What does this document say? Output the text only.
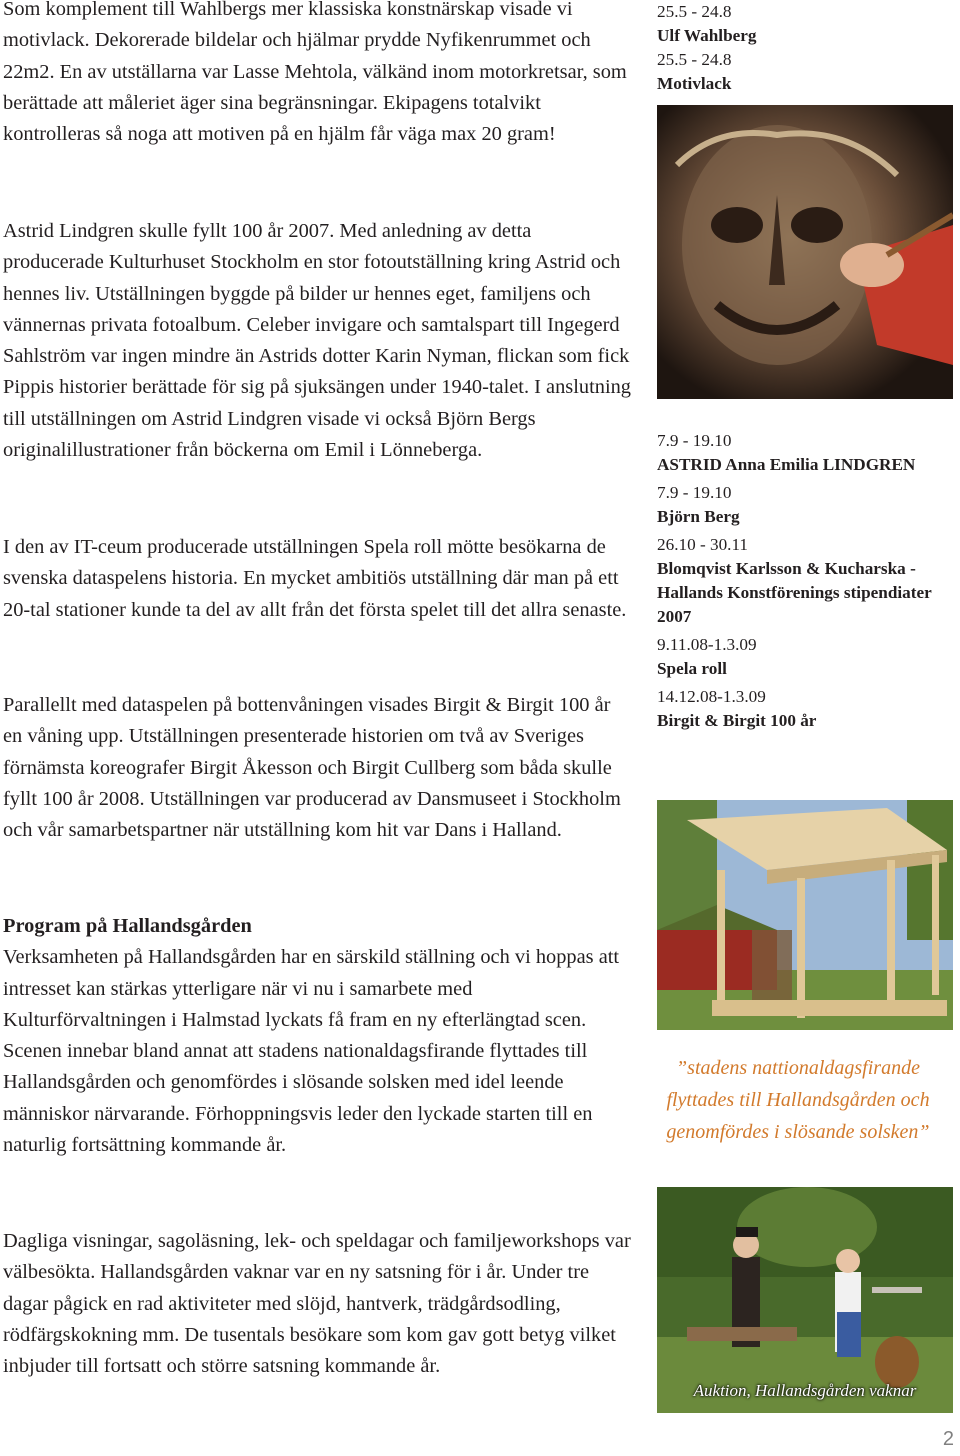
Som komplement till Wahlbergs mer klassiska konstnärskap visade vi motivlack. Dekorerade bildelar och hjälmar prydde Nyfikenrummet och 22m2. En av utställarna var Lasse Mehtola, välkänd inom motorkretsar, som berättade att måleriet äger sina begränsningar. Ekipagens totalvikt kontrolleras så noga att motiven på en hjälm får väga max 20 gram!

Astrid Lindgren skulle fyllt 100 år 2007. Med anledning av detta producerade Kulturhuset Stockholm en stor fotoutställning kring Astrid och hennes liv. Utställningen byggde på bilder ur hennes eget, familjens och vännernas privata fotoalbum. Celeber invigare och samtalspart till Ingegerd Sahlström var ingen mindre än Astrids dotter Karin Nyman, flickan som fick Pippis historier berättade för sig på sjuksängen under 1940-talet. I anslutning till utställningen om Astrid Lindgren visade vi också Björn Bergs originalillustrationer från böckerna om Emil i Lönneberga.

I den av IT-ceum producerade utställningen Spela roll mötte besökarna de svenska dataspelens historia. En mycket ambitiös utställning där man på ett 20-tal stationer kunde ta del av allt från det första spelet till det allra senaste.

Parallellt med dataspelen på bottenvåningen visades Birgit & Birgit 100 år en våning upp. Utställningen presenterade historien om två av Sveriges förnämsta koreografer Birgit Åkesson och Birgit Cullberg som båda skulle fyllt 100 år 2008. Utställningen var producerad av Dansmuseet i Stockholm och vår samarbetspartner när utställning kom hit var Dans i Halland.

Program på Hallandsgården

Verksamheten på Hallandsgården har en särskild ställning och vi hoppas att intresset kan stärkas ytterligare när vi nu i samarbete med Kulturförvaltningen i Halmstad lyckats få fram en ny efterlängtad scen. Scenen innebar bland annat att stadens nationaldagsfirande flyttades till Hallandsgården och genomfördes i slösande solsken med idel leende människor närvarande. Förhoppningsvis leder den lyckade starten till en naturlig fortsättning kommande år.

Dagliga visningar, sagoläsning, lek- och speldagar och familjeworkshops var välbesökta. Hallandsgården vaknar var en ny satsning för i år. Under tre dagar pågick en rad aktiviteter med slöjd, hantverk, trädgårdsodling, rödfärgskokning mm. De tusentals besökare som kom gav gott betyg vilket inbjuder till fortsatt och större satsning kommande år.

25.5 - 24.8
Ulf Wahlberg
25.5 - 24.8
Motivlack
7.9 - 19.10
ASTRID Anna Emilia LINDGREN
7.9 - 19.10
Björn Berg
26.10 - 30.11
Blomqvist Karlsson & Kucharska - Hallands Konstförenings stipendiater 2007
9.11.08-1.3.09
Spela roll
14.12.08-1.3.09
Birgit & Birgit 100 år
”stadens nattionaldagsfirande flyttades till Hallandsgården och genomfördes i slösande solsken”
Auktion, Hallandsgården vaknar
2
